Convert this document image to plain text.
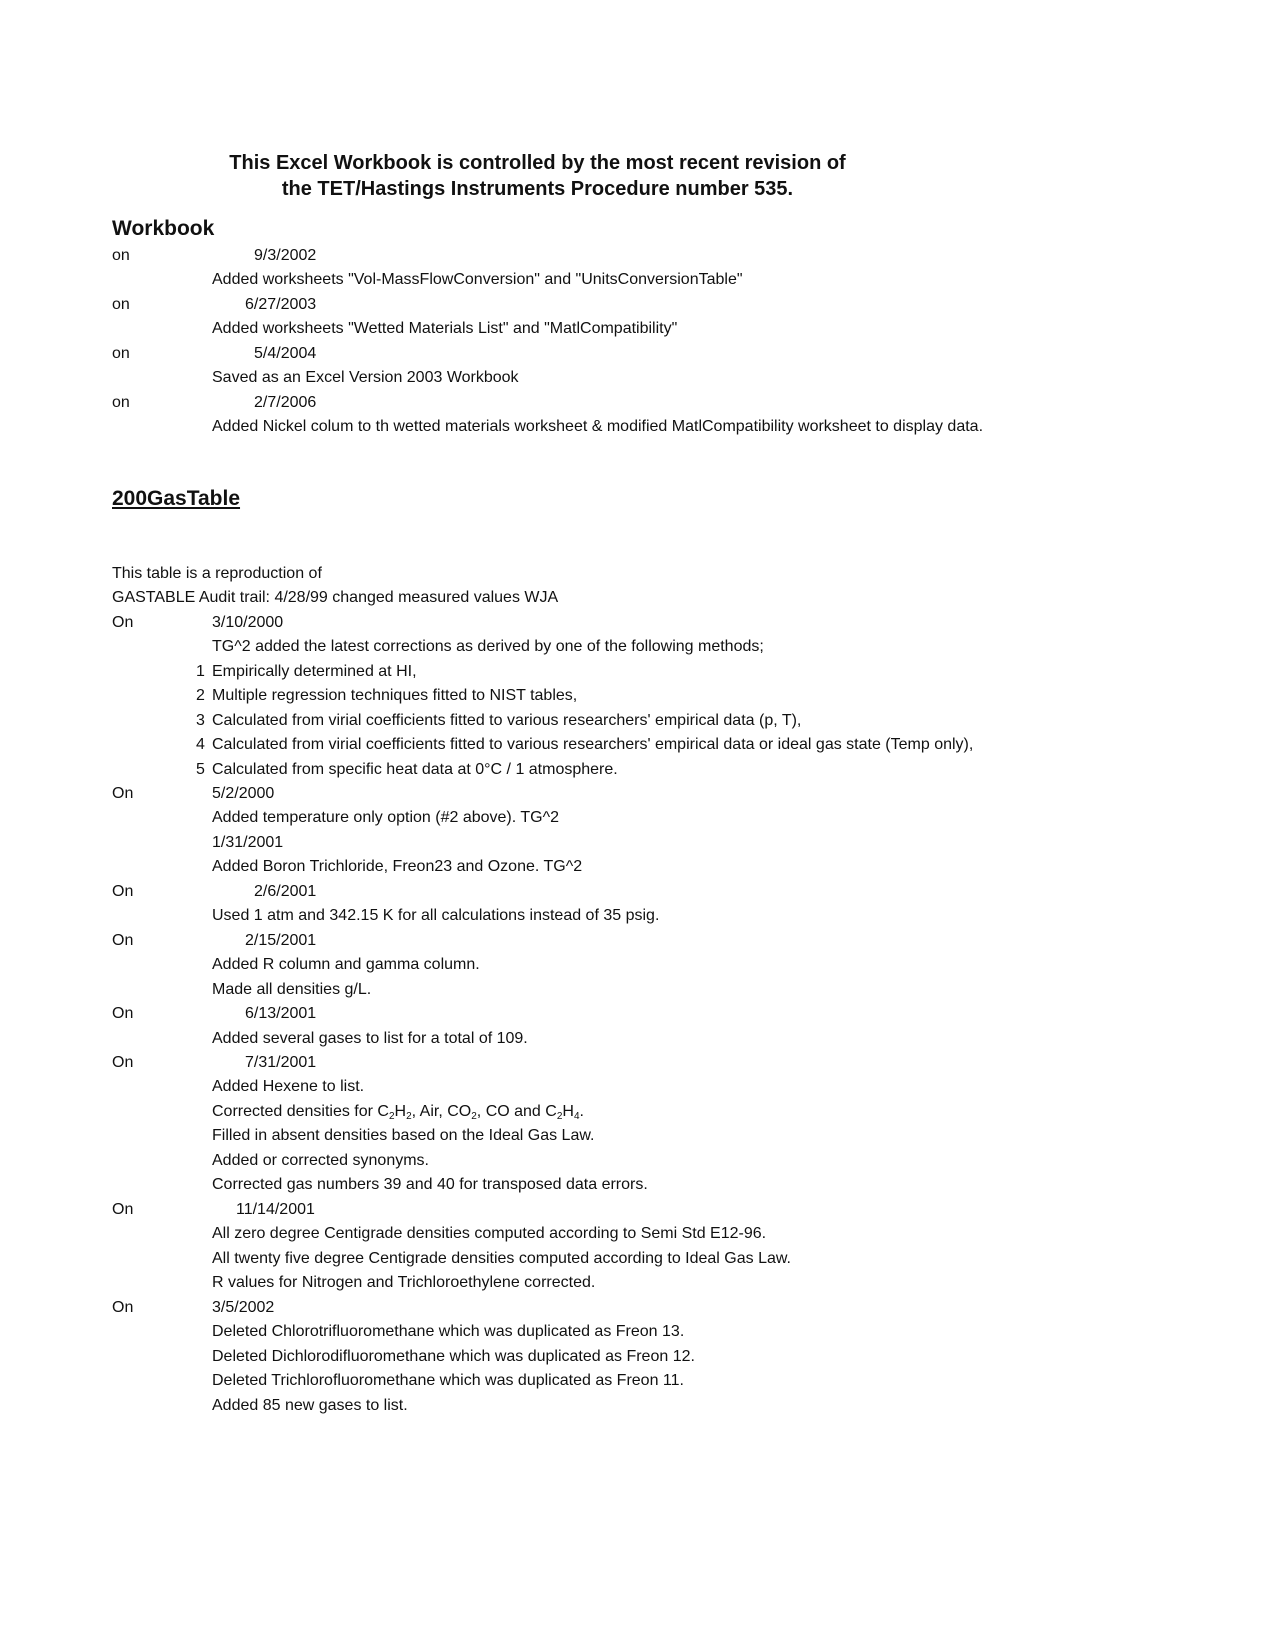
This Excel Workbook is controlled by the most recent revision of
the TET/Hastings Instruments Procedure number 535.
Workbook
on	9/3/2002
Added worksheets "Vol-MassFlowConversion" and "UnitsConversionTable"
on	6/27/2003
Added worksheets "Wetted Materials List" and "MatlCompatibility"
on	5/4/2004
Saved as an Excel Version 2003 Workbook
on	2/7/2006
Added Nickel colum to th wetted materials worksheet & modified MatlCompatibility worksheet to display data.
200GasTable
This table is a reproduction of
GASTABLE Audit trail: 4/28/99 changed measured values WJA
On	3/10/2000
TG^2 added the latest corrections as derived by one of the following methods;
1 Empirically determined at HI,
2 Multiple regression techniques fitted to NIST tables,
3 Calculated from virial coefficients fitted to various researchers' empirical data (p, T),
4 Calculated from virial coefficients fitted to various researchers' empirical data or ideal gas state (Temp only),
5 Calculated from specific heat data at 0°C / 1 atmosphere.
On	5/2/2000
Added temperature only option (#2 above). TG^2
1/31/2001
Added Boron Trichloride, Freon23 and Ozone. TG^2
On	2/6/2001
Used 1 atm and 342.15 K for all calculations instead of 35 psig.
On	2/15/2001
Added R column and gamma column.
Made all densities g/L.
On	6/13/2001
Added several gases to list for a total of 109.
On	7/31/2001
Added Hexene to list.
Corrected densities for $C_2H_2$, Air, $CO_2$, CO and $C_2H_4$.
Filled in absent densities based on the Ideal Gas Law.
Added or corrected synonyms.
Corrected gas numbers 39 and 40 for transposed data errors.
On	11/14/2001
All zero degree Centigrade densities computed according to Semi Std E12-96.
All twenty five degree Centigrade densities computed according to Ideal Gas Law.
R values for Nitrogen and Trichloroethylene corrected.
On	3/5/2002
Deleted Chlorotrifluoromethane which was duplicated as Freon 13.
Deleted Dichlorodifluoromethane which was duplicated as Freon 12.
Deleted Trichlorofluoromethane which was duplicated as Freon 11.
Added 85 new gases to list.
